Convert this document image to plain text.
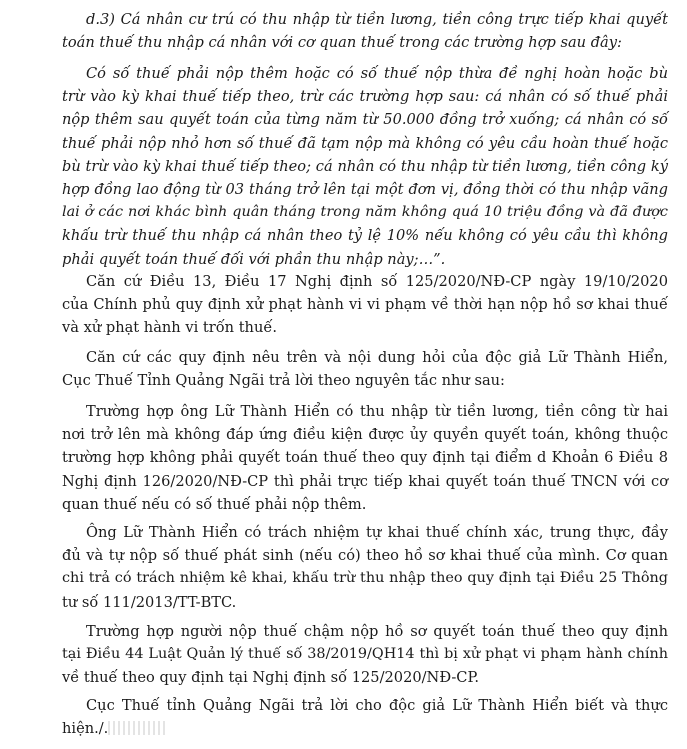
d.3) Cá nhân cư trú có thu nhập từ tiền lương, tiền công trực tiếp khai quyết
toán thuế thu nhập cá nhân với cơ quan thuế trong các trường hợp sau đây:
Có số thuế phải nộp thêm hoặc có số thuế nộp thừa đề nghị hoàn hoặc bù
trừ vào kỳ khai thuế tiếp theo, trừ các trường hợp sau: cá nhân có số thuế phải
nộp thêm sau quyết toán của từng năm từ 50.000 đồng trở xuống; cá nhân có số
thuế phải nộp nhỏ hơn số thuế đã tạm nộp mà không có yêu cầu hoàn thuế hoặc
bù trừ vào kỳ khai thuế tiếp theo; cá nhân có thu nhập từ tiền lương, tiền công ký
hợp đồng lao động từ 03 tháng trở lên tại một đơn vị, đồng thời có thu nhập vãng
lai ở các nơi khác bình quân tháng trong năm không quá 10 triệu đồng và đã được
khấu trừ thuế thu nhập cá nhân theo tỷ lệ 10% nếu không có yêu cầu thì không
phải quyết toán thuế đối với phần thu nhập này;…”.
Căn cứ Điều 13, Điều 17 Nghị định số 125/2020/NĐ-CP ngày 19/10/2020
của Chính phủ quy định xử phạt hành vi vi phạm về thời hạn nộp hồ sơ khai thuế
và xử phạt hành vi trốn thuế.
Căn cứ các quy định nêu trên và nội dung hỏi của độc giả Lữ Thành Hiển,
Cục Thuế Tỉnh Quảng Ngãi trả lời theo nguyên tắc như sau:
Trường hợp ông Lữ Thành Hiển có thu nhập từ tiền lương, tiền công từ hai
nơi trở lên mà không đáp ứng điều kiện được ủy quyền quyết toán, không thuộc
trường hợp không phải quyết toán thuế theo quy định tại điểm d Khoản 6 Điều 8
Nghị định 126/2020/NĐ-CP thì phải trực tiếp khai quyết toán thuế TNCN với cơ
quan thuế nếu có số thuế phải nộp thêm.
Ông Lữ Thành Hiển có trách nhiệm tự khai thuế chính xác, trung thực, đầy
đủ và tự nộp số thuế phát sinh (nếu có) theo hồ sơ khai thuế của mình. Cơ quan
chi trả có trách nhiệm kê khai, khấu trừ thu nhập theo quy định tại Điều 25 Thông
tư số 111/2013/TT-BTC.
Trường hợp người nộp thuế chậm nộp hồ sơ quyết toán thuế theo quy định
tại Điều 44 Luật Quản lý thuế số 38/2019/QH14 thì bị xử phạt vi phạm hành chính
về thuế theo quy định tại Nghị định số 125/2020/NĐ-CP.
Cục Thuế tỉnh Quảng Ngãi trả lời cho độc giả Lữ Thành Hiển biết và thực
hiện./.
